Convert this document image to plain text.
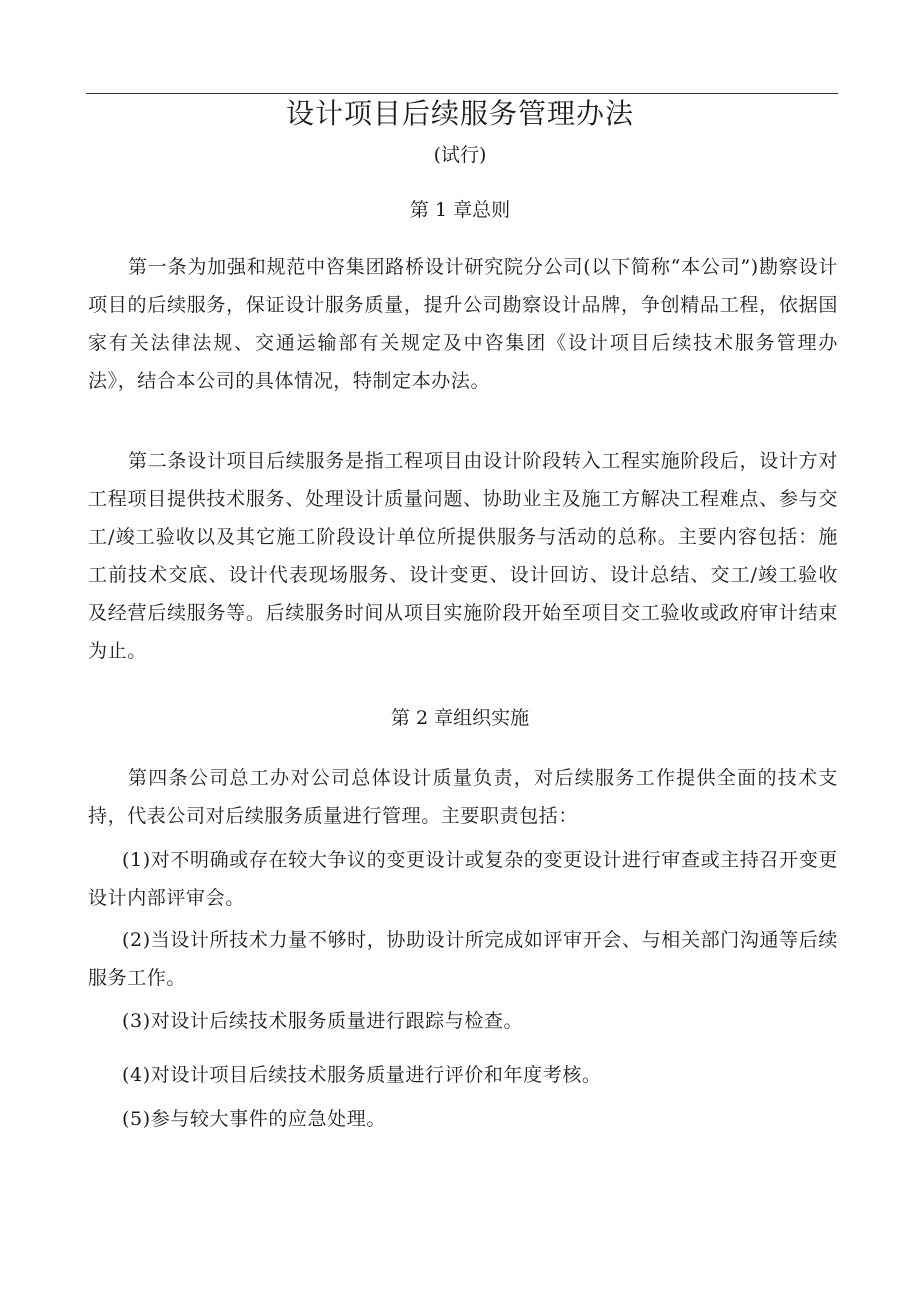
设计项目后续服务管理办法
(试行)
第 1 章总则

第一条为加强和规范中咨集团路桥设计研究院分公司(以下简称“本公司”)勘察设计项目的后续服务，保证设计服务质量，提升公司勘察设计品牌，争创精品工程，依据国家有关法律法规、交通运输部有关规定及中咨集团《设计项目后续技术服务管理办法》，结合本公司的具体情况，特制定本办法。

第二条设计项目后续服务是指工程项目由设计阶段转入工程实施阶段后，设计方对工程项目提供技术服务、处理设计质量问题、协助业主及施工方解决工程难点、参与交工/竣工验收以及其它施工阶段设计单位所提供服务与活动的总称。主要内容包括：施工前技术交底、设计代表现场服务、设计变更、设计回访、设计总结、交工/竣工验收及经营后续服务等。后续服务时间从项目实施阶段开始至项目交工验收或政府审计结束为止。

第 2 章组织实施

第四条公司总工办对公司总体设计质量负责，对后续服务工作提供全面的技术支持，代表公司对后续服务质量进行管理。主要职责包括：

(1)对不明确或存在较大争议的变更设计或复杂的变更设计进行审查或主持召开变更设计内部评审会。

(2)当设计所技术力量不够时，协助设计所完成如评审开会、与相关部门沟通等后续服务工作。

(3)对设计后续技术服务质量进行跟踪与检查。

(4)对设计项目后续技术服务质量进行评价和年度考核。

(5)参与较大事件的应急处理。
